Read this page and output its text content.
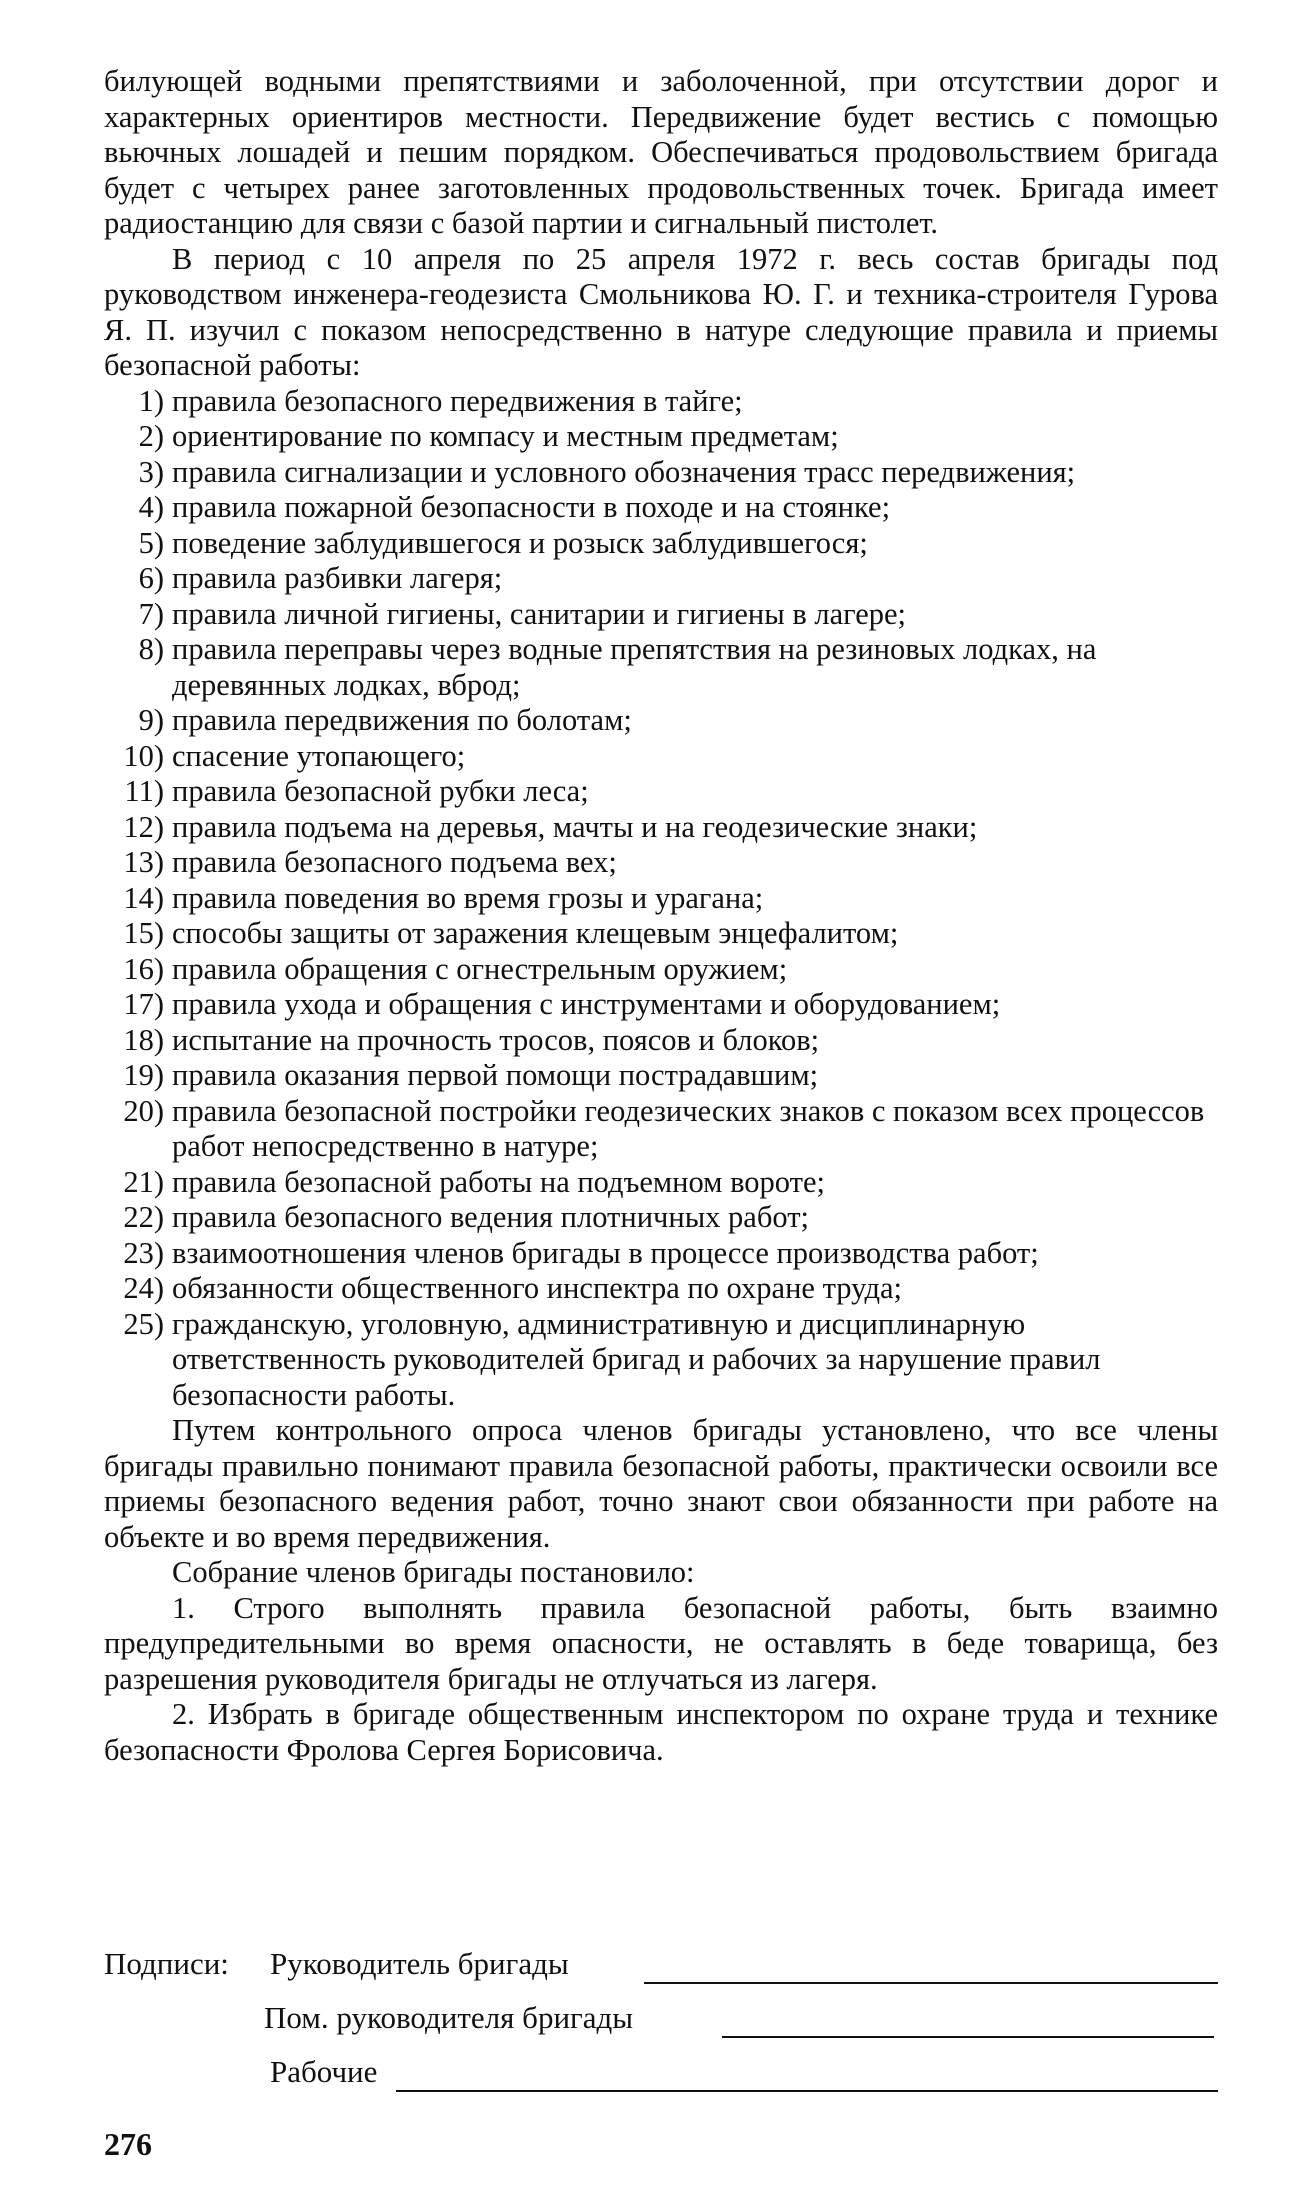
билующей водными препятствиями и заболоченной, при отсутствии дорог и характерных ориентиров местности. Передвижение будет вестись с помощью вьючных лошадей и пешим порядком. Обеспечиваться продовольствием бригада будет с четырех ранее заготовленных продовольственных точек. Бригада имеет радиостанцию для связи с базой партии и сигнальный пистолет.

В период с 10 апреля по 25 апреля 1972 г. весь состав бригады под руководством инженера-геодезиста Смольникова Ю. Г. и техника-строителя Гурова Я. П. изучил с показом непосредственно в натуре следующие правила и приемы безопасной работы:

1) правила безопасного передвижения в тайге;
2) ориентирование по компасу и местным предметам;
3) правила сигнализации и условного обозначения трасс передвижения;
4) правила пожарной безопасности в походе и на стоянке;
5) поведение заблудившегося и розыск заблудившегося;
6) правила разбивки лагеря;
7) правила личной гигиены, санитарии и гигиены в лагере;
8) правила переправы через водные препятствия на резиновых лодках, на деревянных лодках, вброд;
9) правила передвижения по болотам;
10) спасение утопающего;
11) правила безопасной рубки леса;
12) правила подъема на деревья, мачты и на геодезические знаки;
13) правила безопасного подъема вех;
14) правила поведения во время грозы и урагана;
15) способы защиты от заражения клещевым энцефалитом;
16) правила обращения с огнестрельным оружием;
17) правила ухода и обращения с инструментами и оборудованием;
18) испытание на прочность тросов, поясов и блоков;
19) правила оказания первой помощи пострадавшим;
20) правила безопасной постройки геодезических знаков с показом всех процессов работ непосредственно в натуре;
21) правила безопасной работы на подъемном вороте;
22) правила безопасного ведения плотничных работ;
23) взаимоотношения членов бригады в процессе производства работ;
24) обязанности общественного инспектра по охране труда;
25) гражданскую, уголовную, административную и дисциплинарную ответственность руководителей бригад и рабочих за нарушение правил безопасности работы.

Путем контрольного опроса членов бригады установлено, что все члены бригады правильно понимают правила безопасной работы, практически освоили все приемы безопасного ведения работ, точно знают свои обязанности при работе на объекте и во время передвижения.

Собрание членов бригады постановило:

1. Строго выполнять правила безопасной работы, быть взаимно предупредительными во время опасности, не оставлять в беде товарища, без разрешения руководителя бригады не отлучаться из лагеря.

2. Избрать в бригаде общественным инспектором по охране труда и технике безопасности Фролова Сергея Борисовича.

Подписи: Руководитель бригады
Пом. руководителя бригады
Рабочие
276
